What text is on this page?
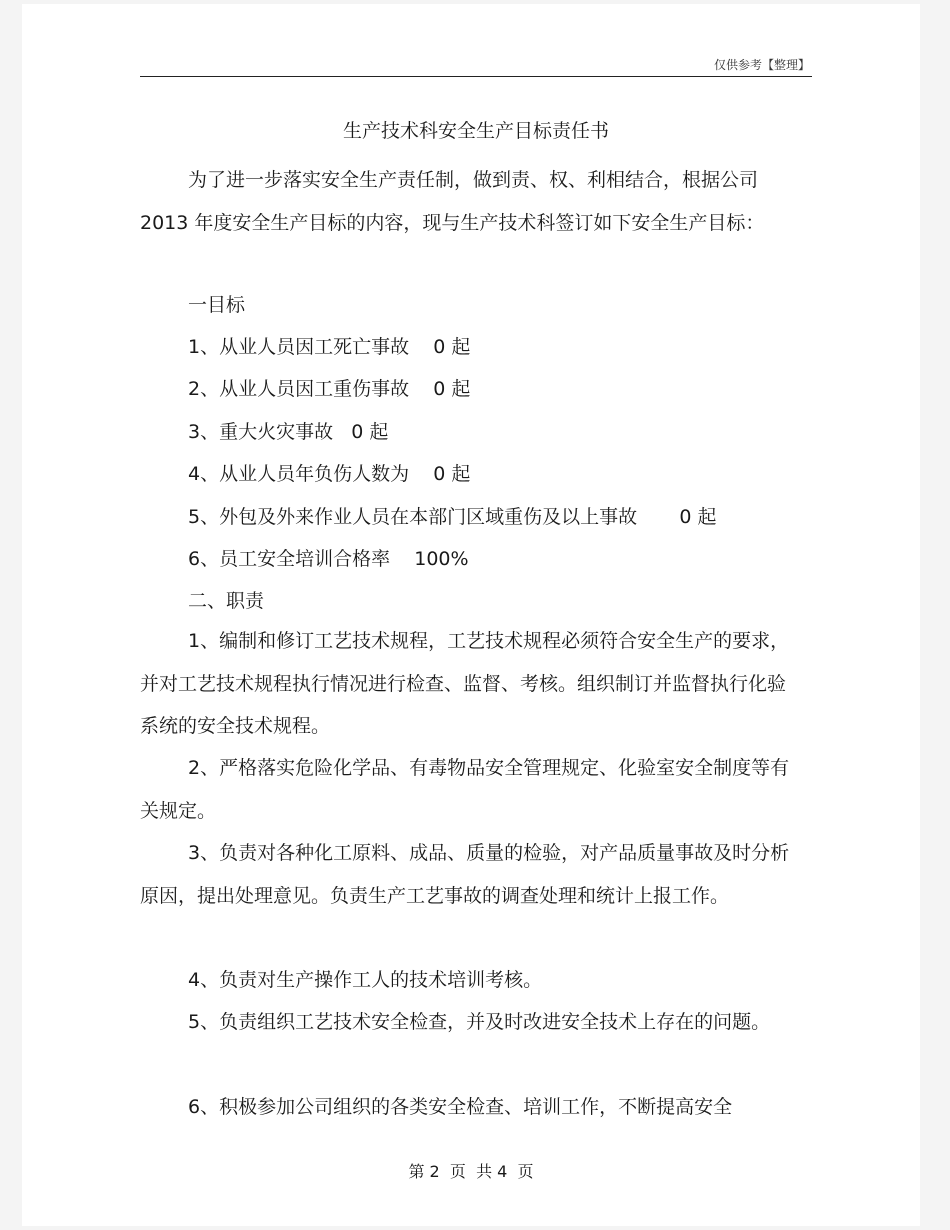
仅供参考【整理】
生产技术科安全生产目标责任书

为了进一步落实安全生产责任制，做到责、权、利相结合，根据公司 2013 年度安全生产目标的内容，现与生产技术科签订如下安全生产目标：

一目标
1、从业人员因工死亡事故    0 起
2、从业人员因工重伤事故    0 起
3、重大火灾事故   0 起
4、从业人员年负伤人数为    0 起
5、外包及外来作业人员在本部门区域重伤及以上事故       0 起
6、员工安全培训合格率    100%
二、职责

1、编制和修订工艺技术规程，工艺技术规程必须符合安全生产的要求，并对工艺技术规程执行情况进行检查、监督、考核。组织制订并监督执行化验系统的安全技术规程。

2、严格落实危险化学品、有毒物品安全管理规定、化验室安全制度等有关规定。

3、负责对各种化工原料、成品、质量的检验，对产品质量事故及时分析原因，提出处理意见。负责生产工艺事故的调查处理和统计上报工作。

4、负责对生产操作工人的技术培训考核。

5、负责组织工艺技术安全检查，并及时改进安全技术上存在的问题。

6、积极参加公司组织的各类安全检查、培训工作，不断提高安全

第 2  页  共 4  页
